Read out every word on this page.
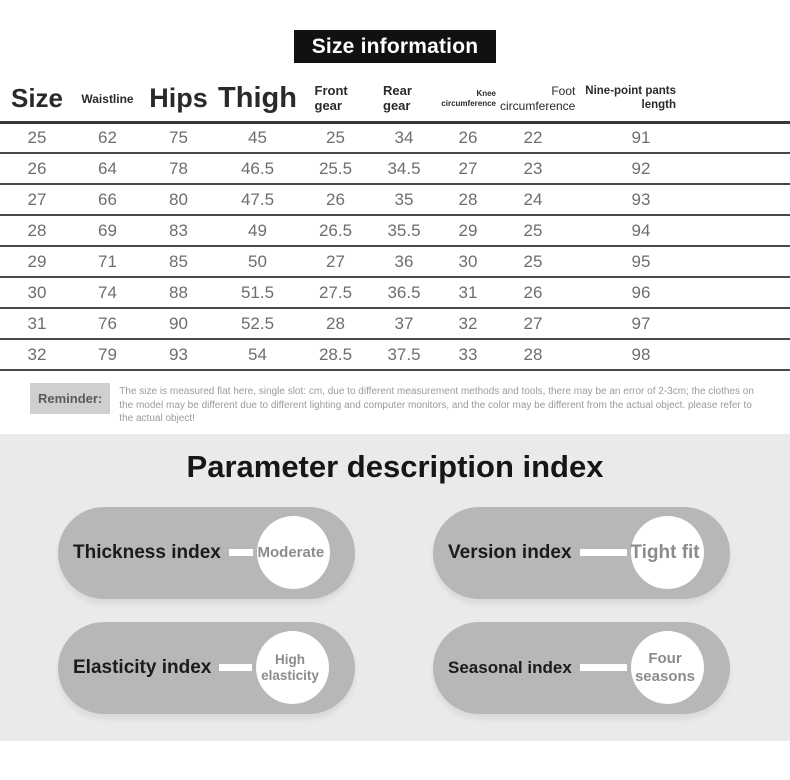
Size information
Size	Waistline	Hips	Thigh	Front gear	Rear gear	Knee circumference	Foot circumference	Nine-point pants length	
25	62	75	45	25	34	26	22	91	
26	64	78	46.5	25.5	34.5	27	23	92	
27	66	80	47.5	26	35	28	24	93	
28	69	83	49	26.5	35.5	29	25	94	
29	71	85	50	27	36	30	25	95	
30	74	88	51.5	27.5	36.5	31	26	96	
31	76	90	52.5	28	37	32	27	97	
32	79	93	54	28.5	37.5	33	28	98	
Reminder:	The size is measured flat here, single slot: cm, due to different measurement methods and tools, there may be an error of 2-3cm; the clothes on the model may be different due to different lighting and computer monitors, and the color may be different from the actual object. please refer to the actual object!
Parameter description index
Thickness index	Moderate	Version index	Tight fit
Elasticity index	High elasticity	Seasonal index	Four seasons
